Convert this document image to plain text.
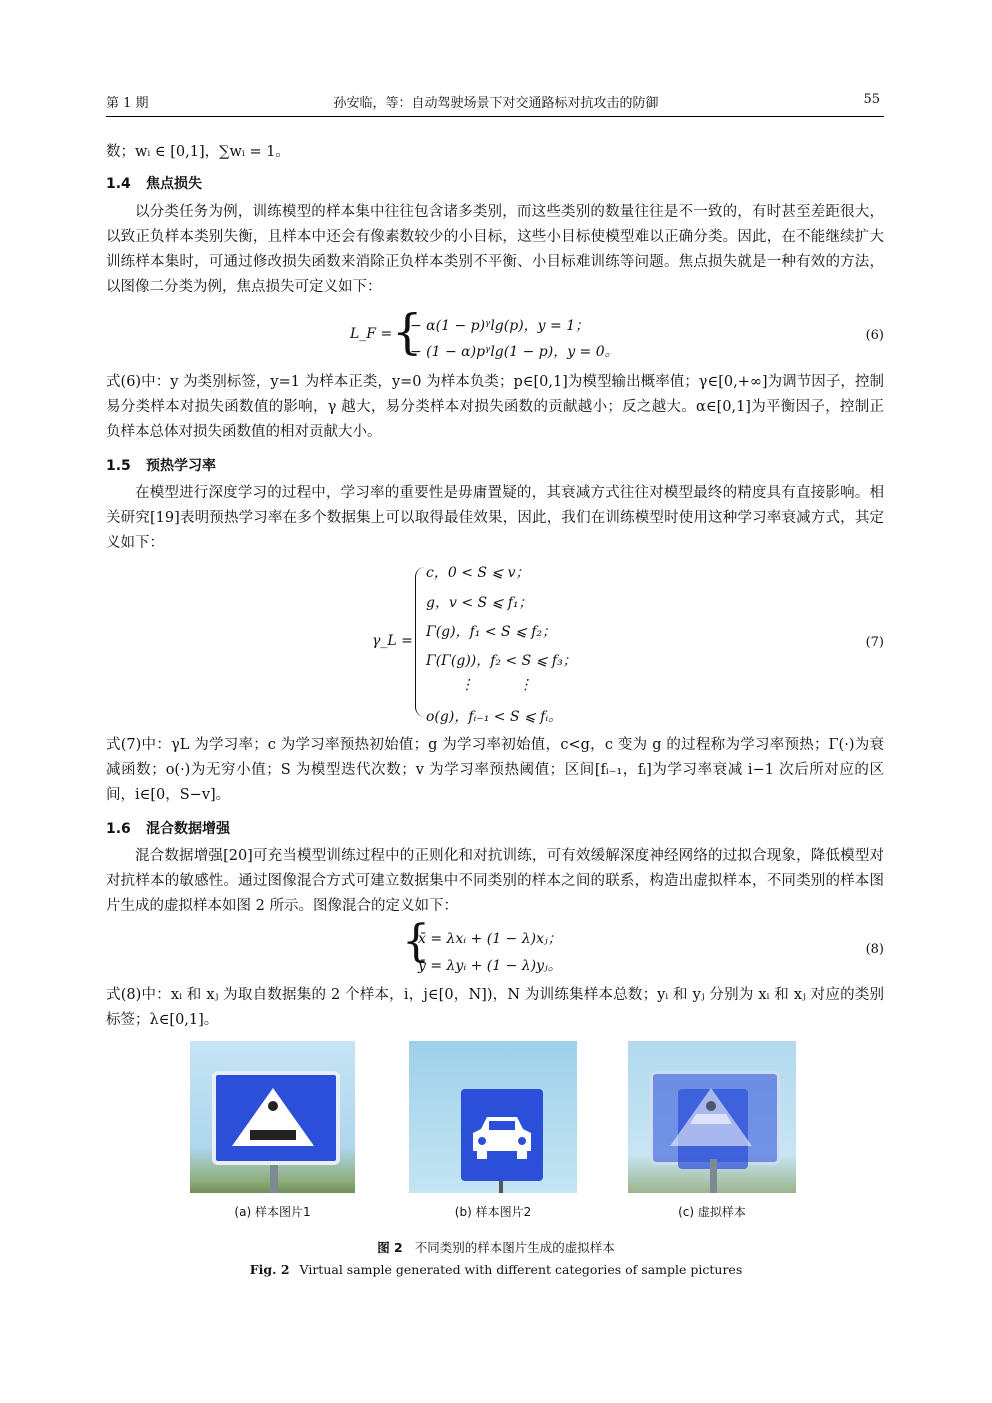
第 1 期	孙安临，等：自动驾驶场景下对交通路标对抗攻击的防御	55
数；wᵢ ∈ [0,1]，∑wᵢ = 1。
1.4 焦点损失

以分类任务为例，训练模型的样本集中往往包含诸多类别，而这些类别的数量往往是不一致的，有时甚至差距很大，以致正负样本类别失衡，且样本中还会有像素数较少的小目标，这些小目标使模型难以正确分类。因此，在不能继续扩大训练样本集时，可通过修改损失函数来消除正负样本类别不平衡、小目标难训练等问题。焦点损失就是一种有效的方法，以图像二分类为例，焦点损失可定义如下：

L_F = {
− α(1 − p)ᵞlg(p)，y = 1；
− (1 − α)pᵞlg(1 − p)，y = 0。
(6)

式(6)中：y 为类别标签，y=1 为样本正类，y=0 为样本负类；p∈[0,1]为模型输出概率值；γ∈[0,+∞]为调节因子，控制易分类样本对损失函数值的影响，γ 越大，易分类样本对损失函数的贡献越小；反之越大。α∈[0,1]为平衡因子，控制正负样本总体对损失函数值的相对贡献大小。

1.5 预热学习率

在模型进行深度学习的过程中，学习率的重要性是毋庸置疑的，其衰减方式往往对模型最终的精度具有直接影响。相关研究[19]表明预热学习率在多个数据集上可以取得最佳效果，因此，我们在训练模型时使用这种学习率衰减方式，其定义如下：

γ_L =
c，0 < S ⩽ v；
g，v < S ⩽ f₁；
Γ(g)，f₁ < S ⩽ f₂；
Γ(Γ(g))，f₂ < S ⩽ f₃；
⋮          ⋮
o(g)，fᵢ₋₁ < S ⩽ fᵢ。
(7)

式(7)中：γL 为学习率；c 为学习率预热初始值；g 为学习率初始值，c<g，c 变为 g 的过程称为学习率预热；Γ(·)为衰减函数；o(·)为无穷小值；S 为模型迭代次数；v 为学习率预热阈值；区间[fᵢ₋₁，fᵢ]为学习率衰减 i−1 次后所对应的区间，i∈[0，S−v]。

1.6 混合数据增强

混合数据增强[20]可充当模型训练过程中的正则化和对抗训练，可有效缓解深度神经网络的过拟合现象，降低模型对对抗样本的敏感性。通过图像混合方式可建立数据集中不同类别的样本之间的联系，构造出虚拟样本，不同类别的样本图片生成的虚拟样本如图 2 所示。图像混合的定义如下：

{
x̄ = λxᵢ + (1 − λ)xⱼ；
ȳ = λyᵢ + (1 − λ)yⱼ。
(8)

式(8)中：xᵢ 和 xⱼ 为取自数据集的 2 个样本，i，j∈[0，N])，N 为训练集样本总数；yᵢ 和 yⱼ 分别为 xᵢ 和 xⱼ 对应的类别标签；λ∈[0,1]。

(a) 样本图片1	(b) 样本图片2	(c) 虚拟样本
图 2 不同类别的样本图片生成的虚拟样本
Fig. 2 Virtual sample generated with different categories of sample pictures
